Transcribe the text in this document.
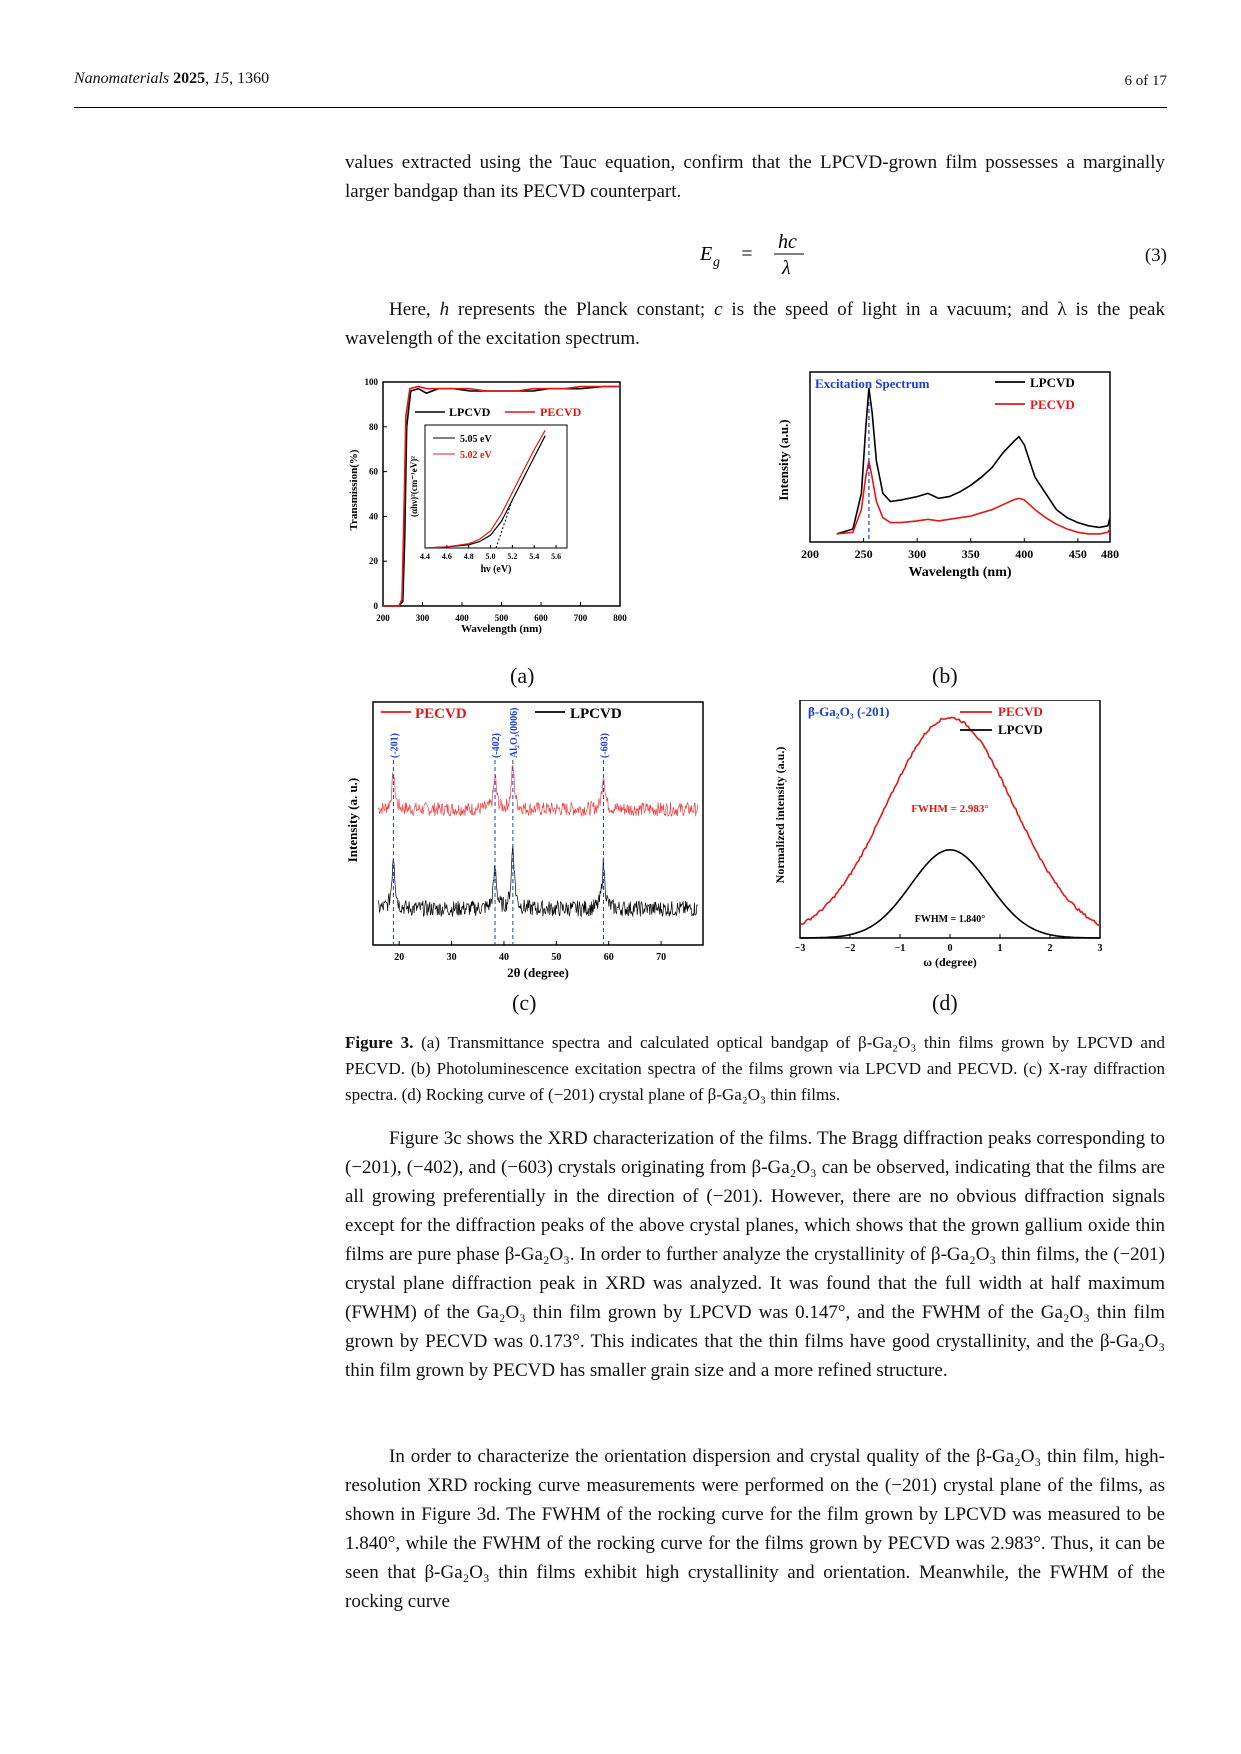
Nanomaterials 2025, 15, 1360	6 of 17
values extracted using the Tauc equation, confirm that the LPCVD-grown film possesses a marginally larger bandgap than its PECVD counterpart.
E g =
hc
λ
(3)
Here, h represents the Planck constant; c is the speed of light in a vacuum; and λ is the peak wavelength of the excitation spectrum.
200	300	400	500	600	700	800
0
20
40
60
80
100
Wavelength (nm)
Transmission(%)
LPCVD	PECVD
4.4 4.6 4.8 5.0 5.2 5.4 5.6
hν (eV)
(αhν)²(cm⁻¹eV)²
5.05 eV
5.02 eV
200	250	300	350	400	450 480
Wavelength (nm)
Intensity (a.u.)
Excitation Spectrum	LPCVD
PECVD
20	30	40	50	60	70
2θ (degree)
Intensity (a. u.)
(-201)	(-402) Al₂O₃(0006)	(-603)
PECVD	LPCVD
−3	−2	−1	0	1	2	3
ω (degree)
Normalized intensity (a.u.)
β-Ga₂O₃ (-201)
FWHM = 2.983°
FWHM = 1.840°
PECVD
LPCVD
(a)	(b)
(c)	(d)
Figure 3. (a) Transmittance spectra and calculated optical bandgap of β-Ga₂O₃ thin films grown by LPCVD and PECVD. (b) Photoluminescence excitation spectra of the films grown via LPCVD and PECVD. (c) X-ray diffraction spectra. (d) Rocking curve of (−201) crystal plane of β-Ga₂O₃ thin films.
Figure 3c shows the XRD characterization of the films. The Bragg diffraction peaks corresponding to (−201), (−402), and (−603) crystals originating from β-Ga₂O₃ can be observed, indicating that the films are all growing preferentially in the direction of (−201). However, there are no obvious diffraction signals except for the diffraction peaks of the above crystal planes, which shows that the grown gallium oxide thin films are pure phase β-Ga₂O₃. In order to further analyze the crystallinity of β-Ga₂O₃ thin films, the (−201) crystal plane diffraction peak in XRD was analyzed. It was found that the full width at half maximum (FWHM) of the Ga₂O₃ thin film grown by LPCVD was 0.147°, and the FWHM of the Ga₂O₃ thin film grown by PECVD was 0.173°. This indicates that the thin films have good crystallinity, and the β-Ga₂O₃ thin film grown by PECVD has smaller grain size and a more refined structure.
In order to characterize the orientation dispersion and crystal quality of the β-Ga₂O₃ thin film, high-resolution XRD rocking curve measurements were performed on the (−201) crystal plane of the films, as shown in Figure 3d. The FWHM of the rocking curve for the film grown by LPCVD was measured to be 1.840°, while the FWHM of the rocking curve for the films grown by PECVD was 2.983°. Thus, it can be seen that β-Ga₂O₃ thin films exhibit high crystallinity and orientation. Meanwhile, the FWHM of the rocking curve
